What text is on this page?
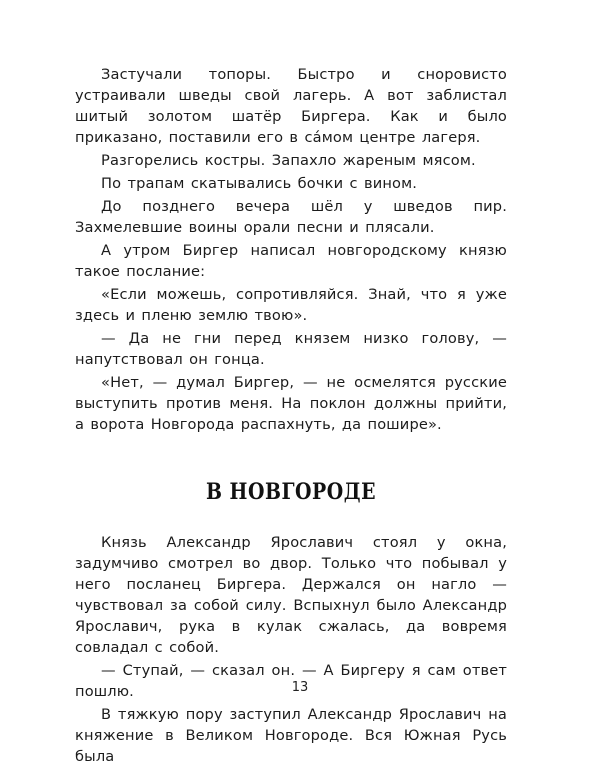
Застучали топоры. Быстро и сноровисто устраивали шведы свой лагерь. А вот заблистал шитый золотом шатёр Биргера. Как и было приказано, поставили его в са́мом центре лагеря.

Разгорелись костры. Запахло жареным мясом.

По трапам скатывались бочки с вином.

До позднего вечера шёл у шведов пир. Захмелевшие воины орали песни и плясали.

А утром Биргер написал новгородскому князю такое послание:

«Если можешь, сопротивляйся. Знай, что я уже здесь и пленю землю твою».

— Да не гни перед князем низко голову, — напутствовал он гонца.

«Нет, — думал Биргер, — не осмелятся русские выступить против меня. На поклон должны прийти, а ворота Новгорода распахнуть, да пошире».

В НОВГОРОДЕ

Князь Александр Ярославич стоял у окна, задумчиво смотрел во двор. Только что побывал у него посланец Биргера. Держался он нагло — чувствовал за собой силу. Вспыхнул было Александр Ярославич, рука в кулак сжалась, да вовремя совладал с собой.

— Ступай, — сказал он. — А Биргеру я сам ответ пошлю.

В тяжкую пору заступил Александр Ярославич на княжение в Великом Новгороде. Вся Южная Русь была

13
